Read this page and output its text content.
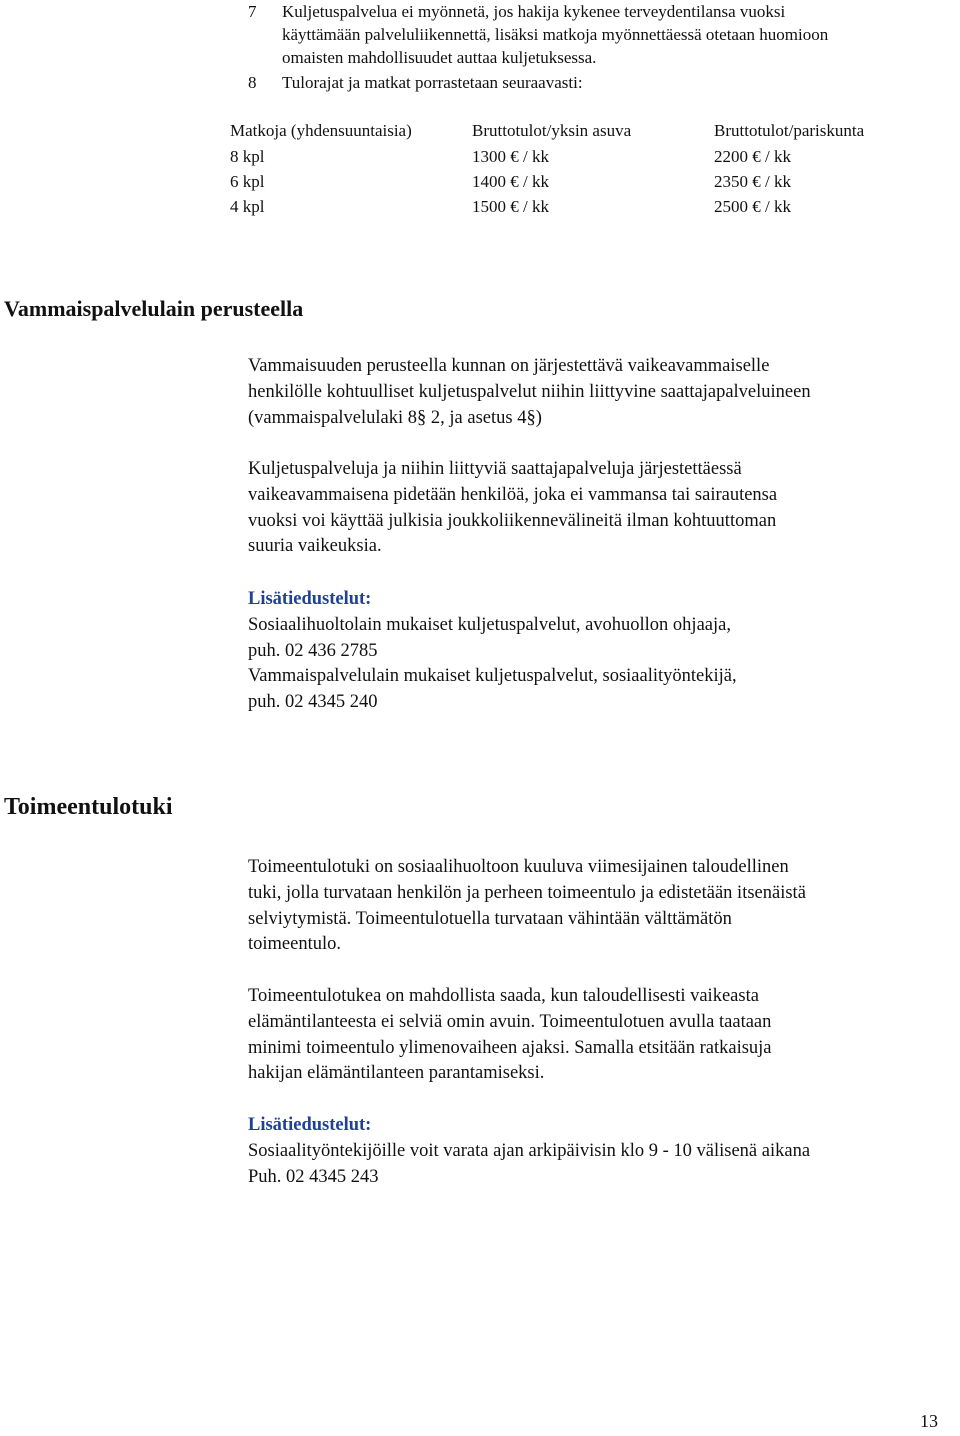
7 Kuljetuspalvelua ei myönnetä, jos hakija kykenee terveydentilansa vuoksi
käyttämään palveluliikennettä, lisäksi matkoja myönnettäessä otetaan huomioon
omaisten mahdollisuudet auttaa kuljetuksessa.
8 Tulorajat ja matkat porrastetaan seuraavasti:
Matkoja (yhdensuuntaisia)	Bruttotulot/yksin asuva	Bruttotulot/pariskunta
8 kpl	1300 € / kk	2200 € / kk
6 kpl	1400 € / kk	2350 € / kk
4 kpl	1500 € / kk	2500 € / kk
Vammaispalvelulain perusteella
Vammaisuuden perusteella kunnan on järjestettävä vaikeavammaiselle
henkilölle kohtuulliset kuljetuspalvelut niihin liittyvine saattajapalveluineen
(vammaispalvelulaki 8§ 2, ja asetus 4§)
Kuljetuspalveluja ja niihin liittyviä saattajapalveluja järjestettäessä
vaikeavammaisena pidetään henkilöä, joka ei vammansa tai sairautensa
vuoksi voi käyttää julkisia joukkoliikennevälineitä ilman kohtuuttoman
suuria vaikeuksia.
Lisätiedustelut:
Sosiaalihuoltolain mukaiset kuljetuspalvelut, avohuollon ohjaaja,
puh. 02 436 2785
Vammaispalvelulain mukaiset kuljetuspalvelut, sosiaalityöntekijä,
puh. 02 4345 240
Toimeentulotuki
Toimeentulotuki on sosiaalihuoltoon kuuluva viimesijainen taloudellinen
tuki, jolla turvataan henkilön ja perheen toimeentulo ja edistetään itsenäistä
selviytymistä. Toimeentulotuella turvataan vähintään välttämätön
toimeentulo.
Toimeentulotukea on mahdollista saada, kun taloudellisesti vaikeasta
elämäntilanteesta ei selviä omin avuin. Toimeentulotuen avulla taataan
minimi toimeentulo ylimenovaiheen ajaksi. Samalla etsitään ratkaisuja
hakijan elämäntilanteen parantamiseksi.
Lisätiedustelut:
Sosiaalityöntekijöille voit varata ajan arkipäivisin klo 9 - 10 välisenä aikana
Puh. 02 4345 243
13
